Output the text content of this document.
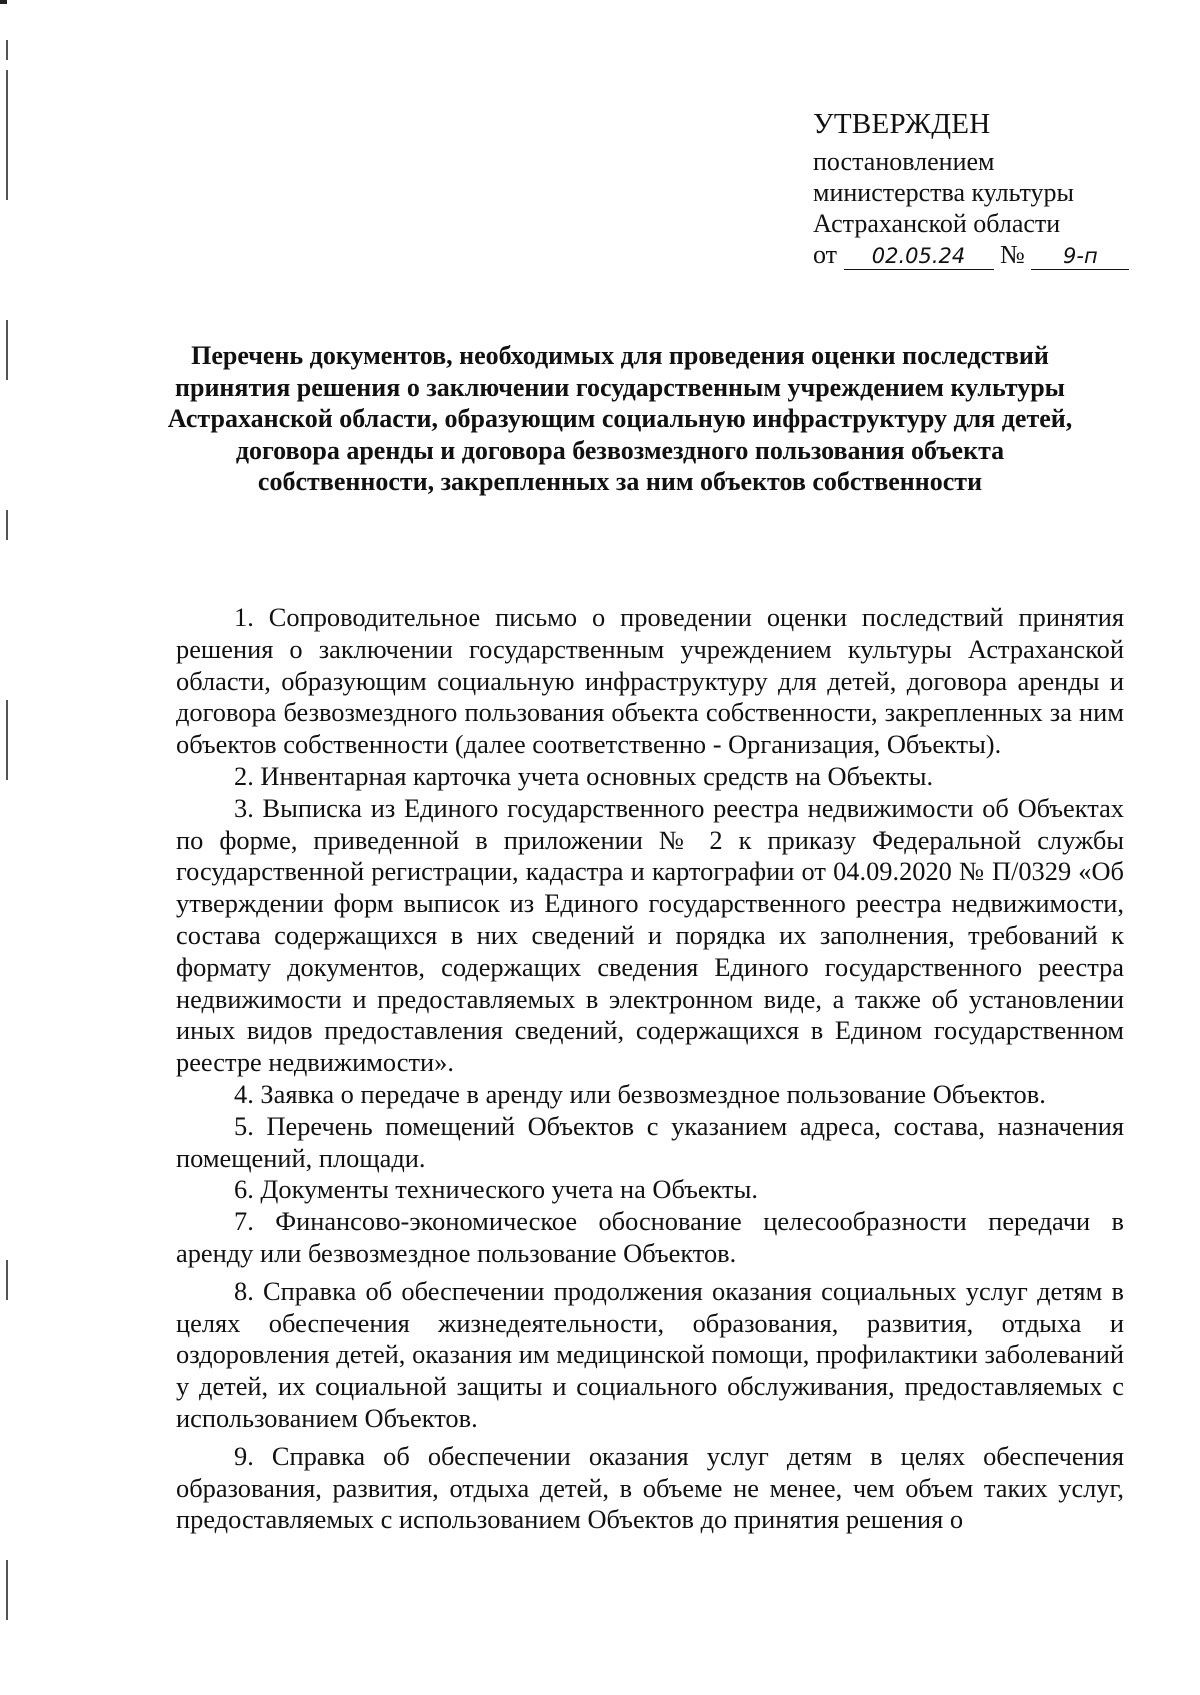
УТВЕРЖДЕН
постановлением
министерства культуры
Астраханской области
от 02.05.24 № 9-п
Перечень документов, необходимых для проведения оценки последствий принятия решения о заключении государственным учреждением культуры Астраханской области, образующим социальную инфраструктуру для детей, договора аренды и договора безвозмездного пользования объекта собственности, закрепленных за ним объектов собственности

1. Сопроводительное письмо о проведении оценки последствий принятия решения о заключении государственным учреждением культуры Астраханской области, образующим социальную инфраструктуру для детей, договора аренды и договора безвозмездного пользования объекта собственности, закрепленных за ним объектов собственности (далее соответственно - Организация, Объекты).

2. Инвентарная карточка учета основных средств на Объекты.

3. Выписка из Единого государственного реестра недвижимости об Объектах по форме, приведенной в приложении № 2 к приказу Федеральной службы государственной регистрации, кадастра и картографии от 04.09.2020 № П/0329 «Об утверждении форм выписок из Единого государственного реестра недвижимости, состава содержащихся в них сведений и порядка их заполнения, требований к формату документов, содержащих сведения Единого государственного реестра недвижимости и предоставляемых в электронном виде, а также об установлении иных видов предоставления сведений, содержащихся в Едином государственном реестре недвижимости».

4. Заявка о передаче в аренду или безвозмездное пользование Объектов.

5. Перечень помещений Объектов с указанием адреса, состава, назначения помещений, площади.

6. Документы технического учета на Объекты.

7. Финансово-экономическое обоснование целесообразности передачи в аренду или безвозмездное пользование Объектов.

8. Справка об обеспечении продолжения оказания социальных услуг детям в целях обеспечения жизнедеятельности, образования, развития, отдыха и оздоровления детей, оказания им медицинской помощи, профилактики заболеваний у детей, их социальной защиты и социального обслуживания, предоставляемых с использованием Объектов.

9. Справка об обеспечении оказания услуг детям в целях обеспечения образования, развития, отдыха детей, в объеме не менее, чем объем таких услуг, предоставляемых с использованием Объектов до принятия решения о
